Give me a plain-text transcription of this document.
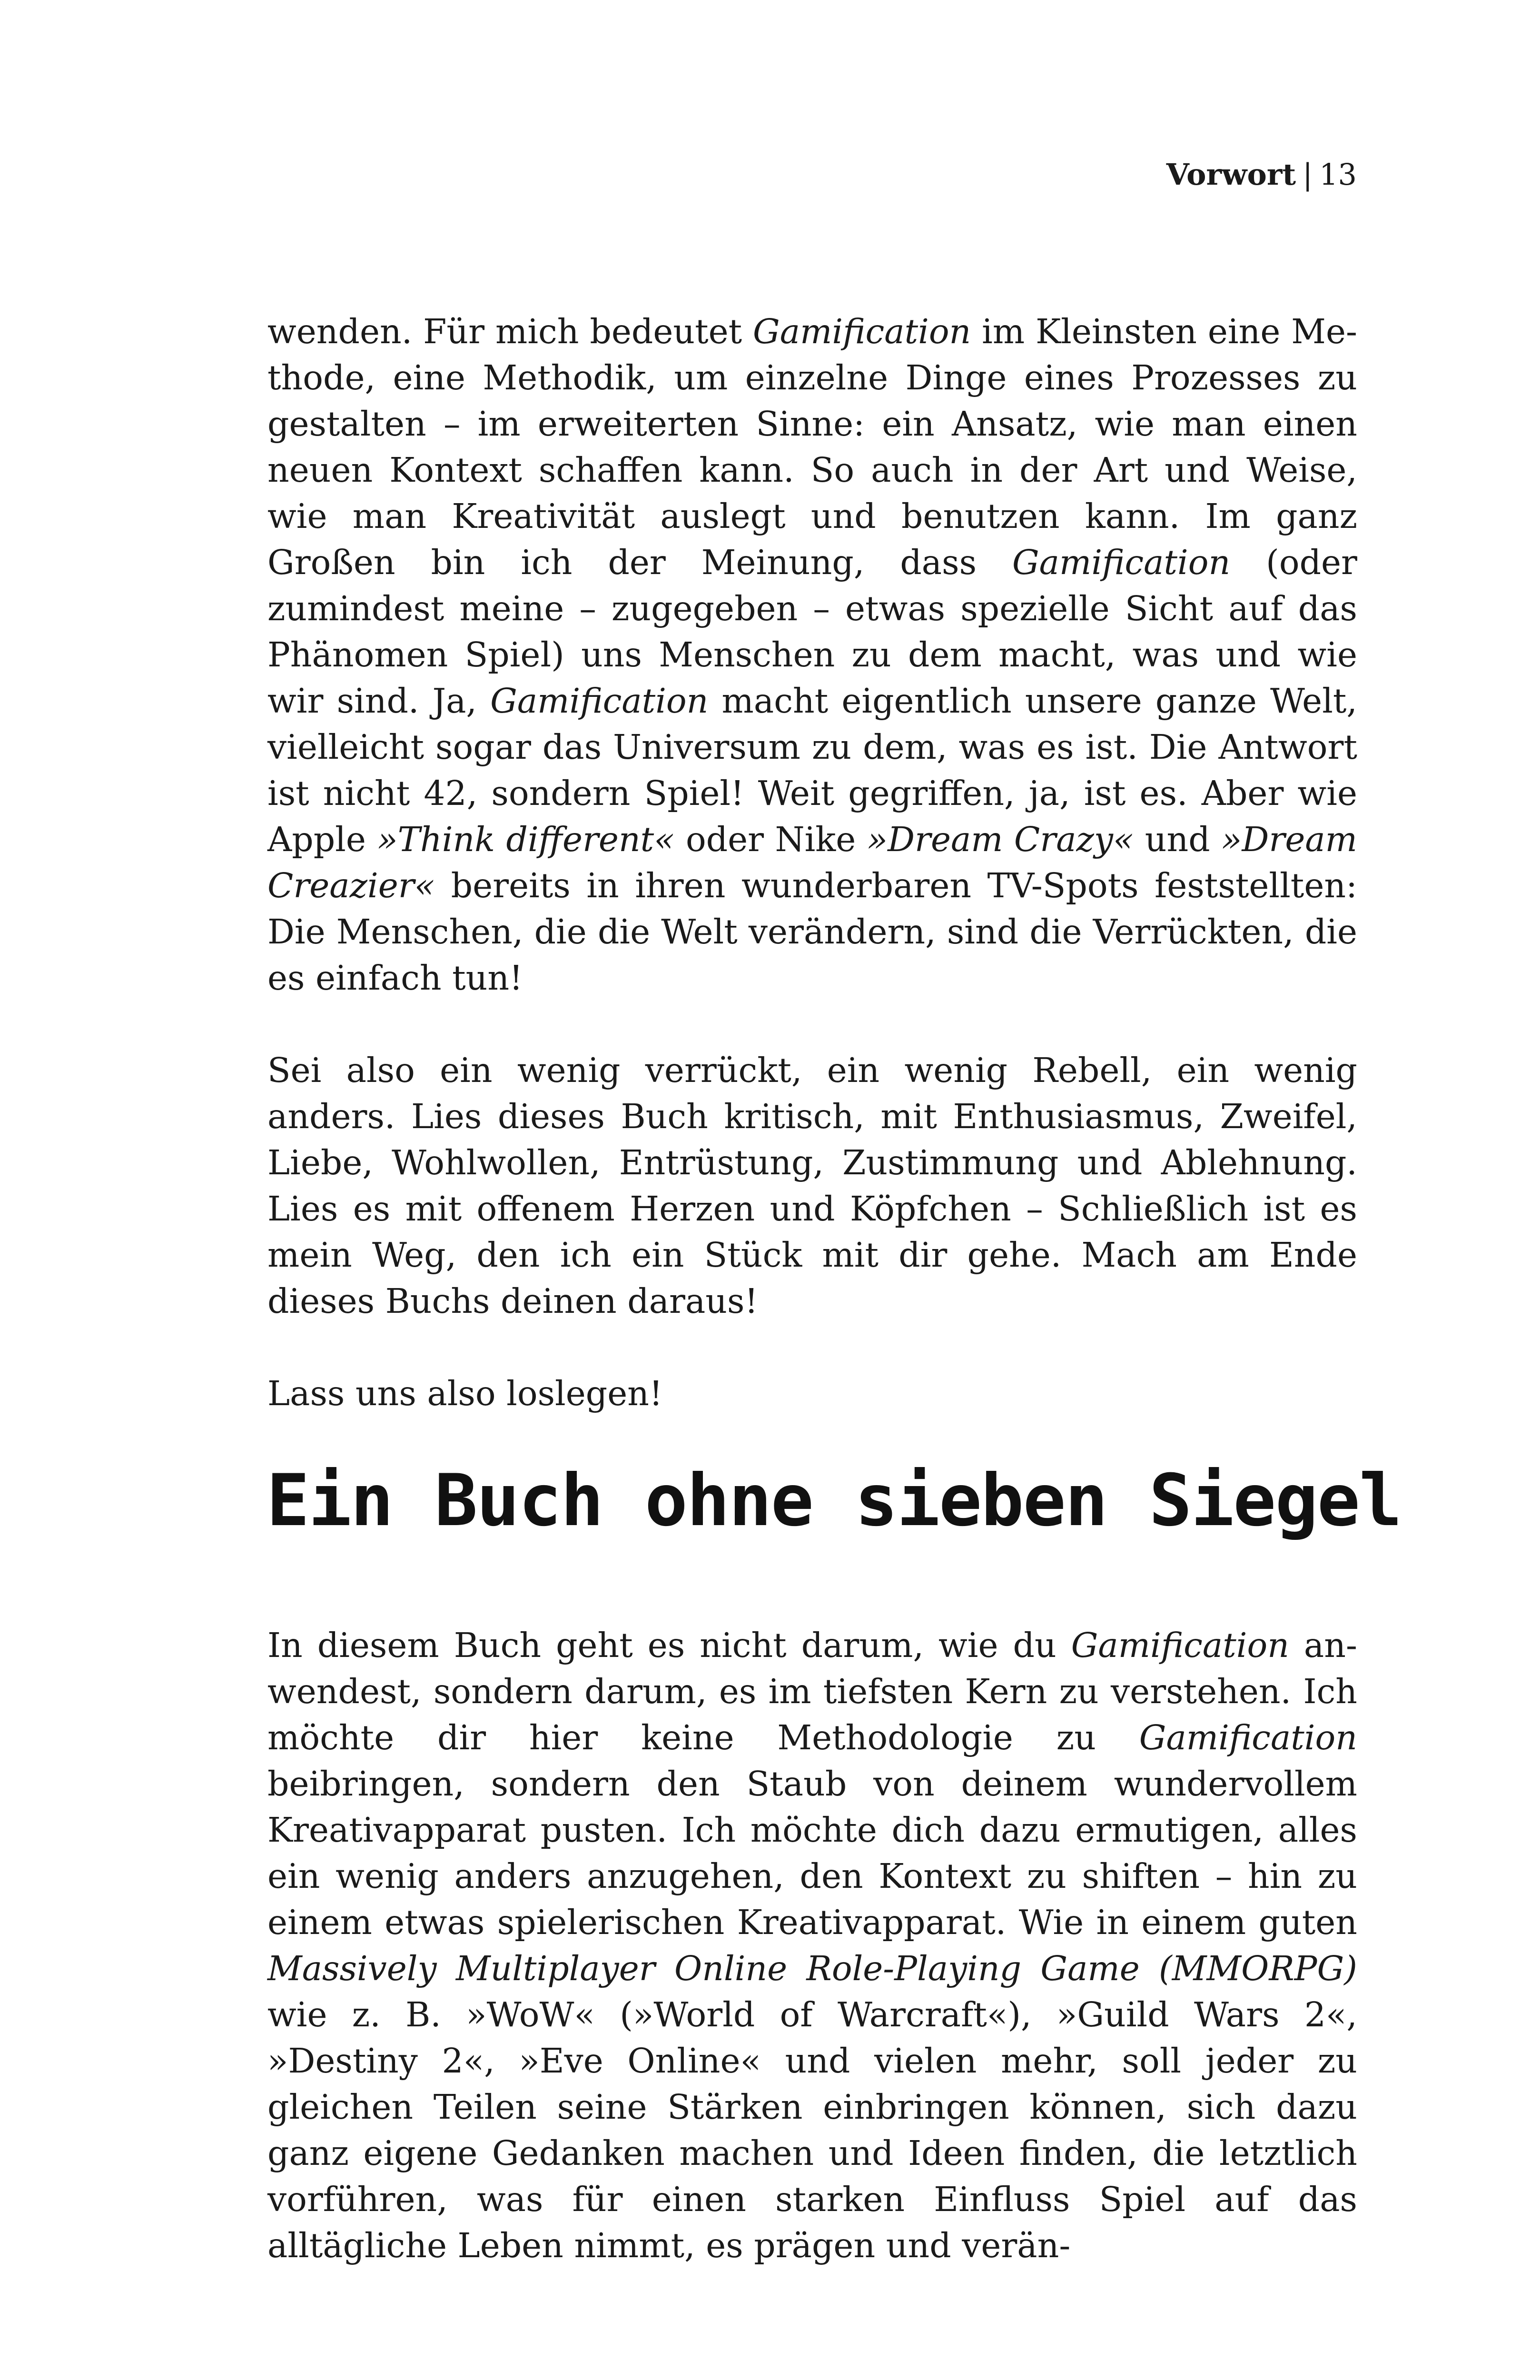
Vorwort | 13

wenden. Für mich bedeutet Gamification im Kleinsten eine Methode, eine Methodik, um einzelne Dinge eines Prozesses zu gestalten – im erweiterten Sinne: ein Ansatz, wie man einen neuen Kontext schaffen kann. So auch in der Art und Weise, wie man Kreativität auslegt und benutzen kann. Im ganz Großen bin ich der Meinung, dass Gamification (oder zumindest meine – zugegeben – etwas spezielle Sicht auf das Phänomen Spiel) uns Menschen zu dem macht, was und wie wir sind. Ja, Gamification macht eigentlich unsere ganze Welt, vielleicht sogar das Universum zu dem, was es ist. Die Antwort ist nicht 42, sondern Spiel! Weit gegriffen, ja, ist es. Aber wie Apple »Think different« oder Nike »Dream Crazy« und »Dream Creazier« bereits in ihren wunderbaren TV-Spots feststellten: Die Menschen, die die Welt verändern, sind die Verrückten, die es einfach tun!

Sei also ein wenig verrückt, ein wenig Rebell, ein wenig anders. Lies dieses Buch kritisch, mit Enthusiasmus, Zweifel, Liebe, Wohlwollen, Entrüstung, Zustimmung und Ablehnung. Lies es mit offenem Herzen und Köpfchen – Schließlich ist es mein Weg, den ich ein Stück mit dir gehe. Mach am Ende dieses Buchs deinen daraus!

Lass uns also loslegen!

Ein Buch ohne sieben Siegel

In diesem Buch geht es nicht darum, wie du Gamification anwendest, sondern darum, es im tiefsten Kern zu verstehen. Ich möchte dir hier keine Methodologie zu Gamification beibringen, sondern den Staub von deinem wundervollem Kreativapparat pusten. Ich möchte dich dazu ermutigen, alles ein wenig anders anzugehen, den Kontext zu shiften – hin zu einem etwas spielerischen Kreativapparat. Wie in einem guten Massively Multiplayer Online Role-Playing Game (MMORPG) wie z. B. »WoW« (»World of Warcraft«), »Guild Wars 2«, »Destiny 2«, »Eve Online« und vielen mehr, soll jeder zu gleichen Teilen seine Stärken einbringen können, sich dazu ganz eigene Gedanken machen und Ideen finden, die letztlich vorführen, was für einen starken Einfluss Spiel auf das alltägliche Leben nimmt, es prägen und verän-
